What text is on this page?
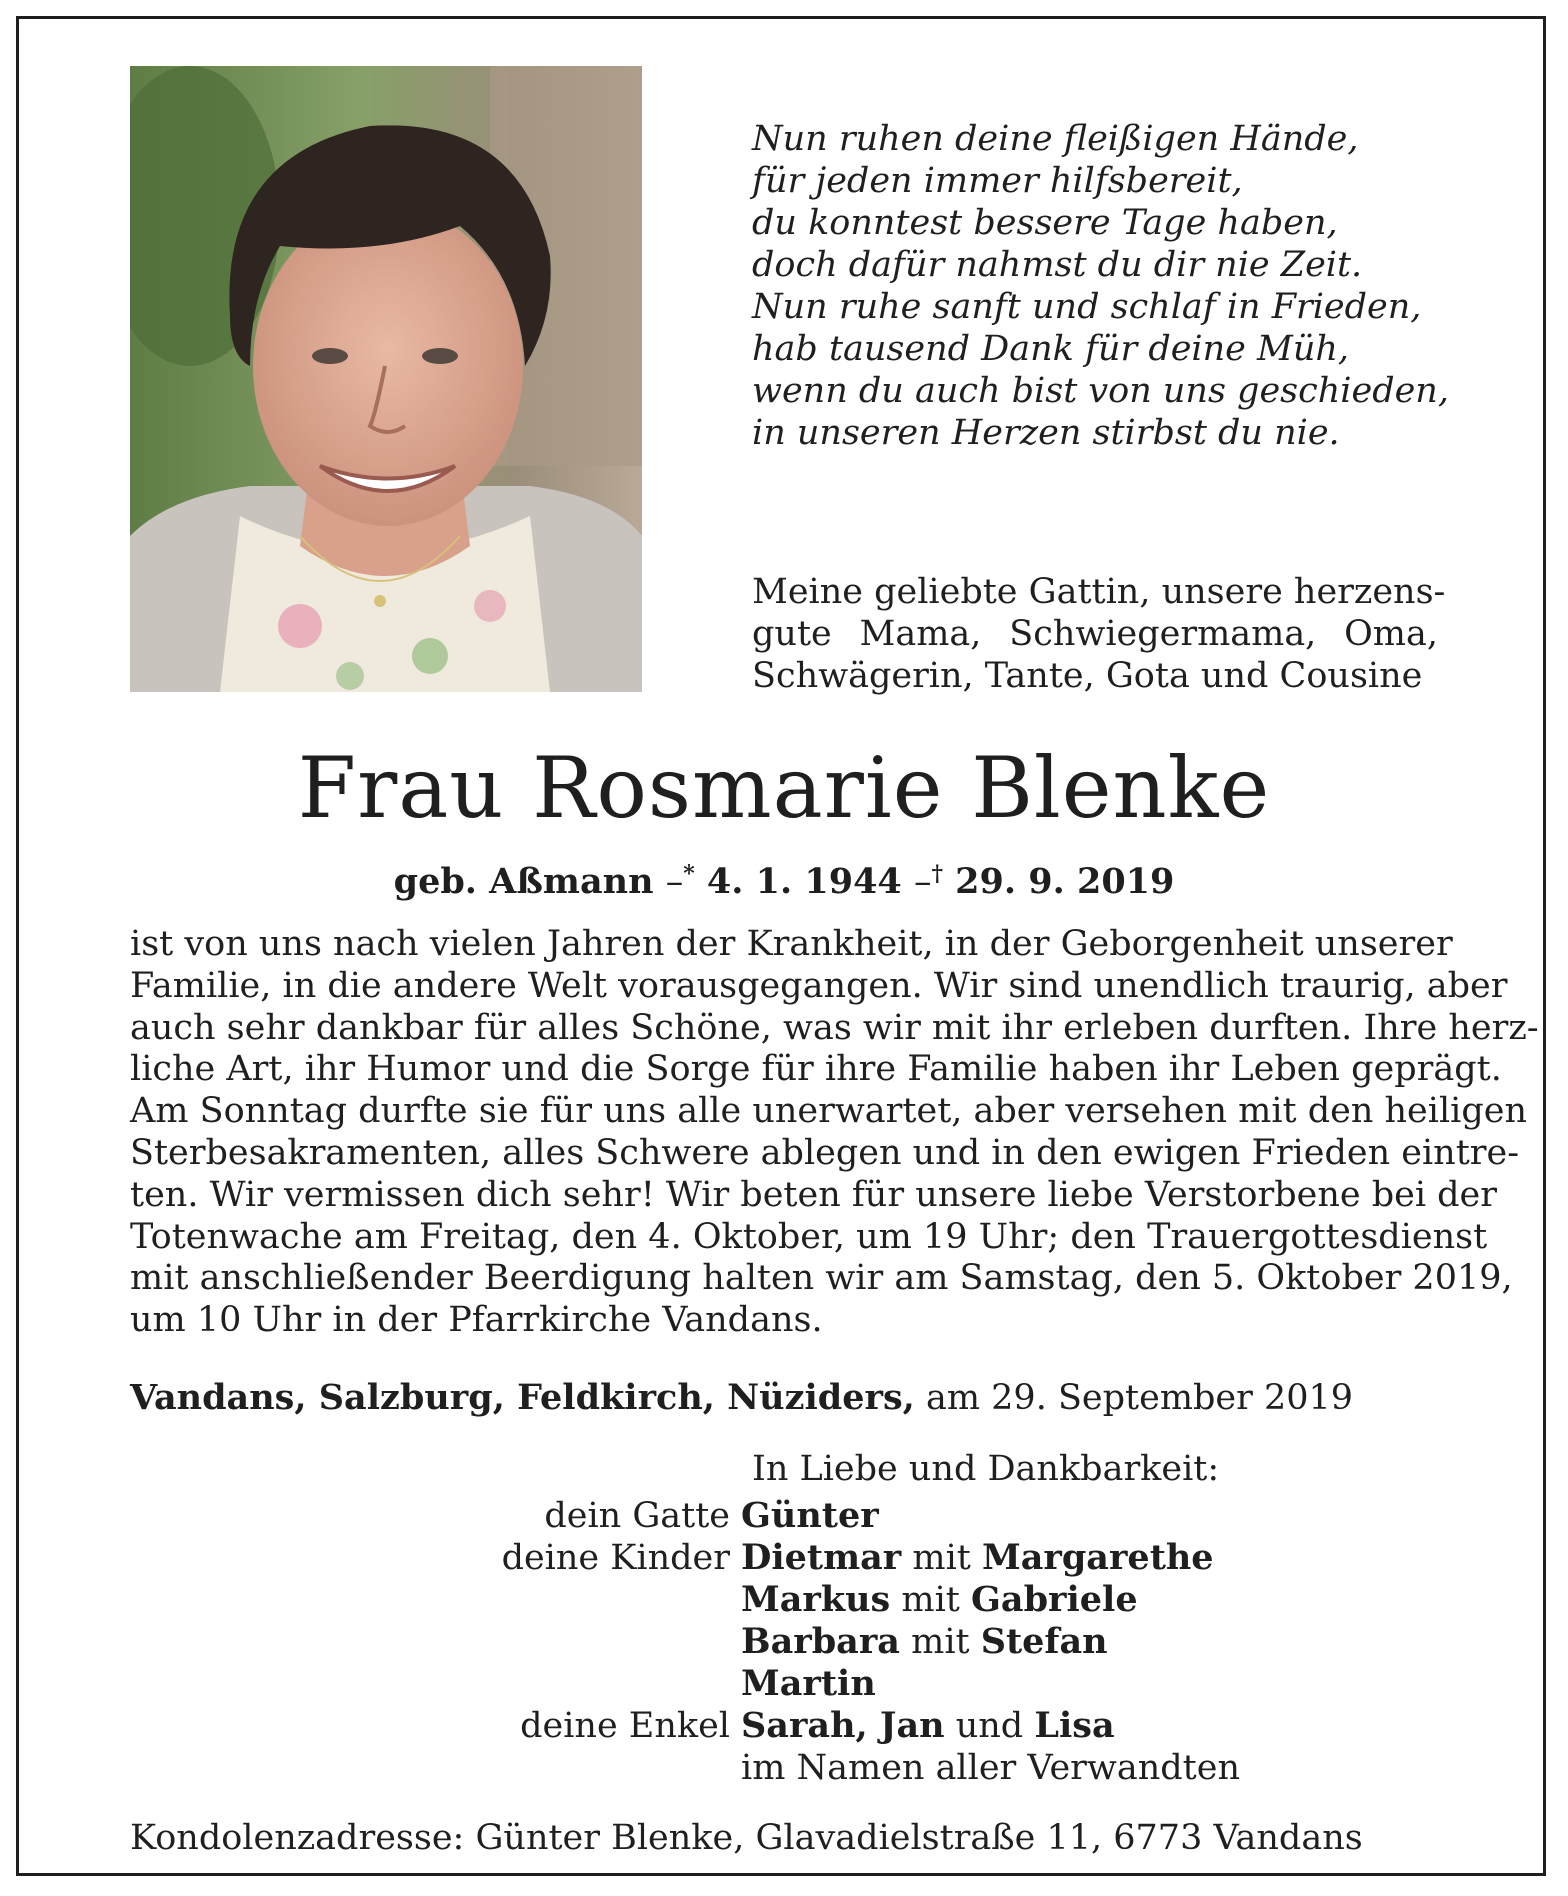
Nun ruhen deine fleißigen Hände,
für jeden immer hilfsbereit,
du konntest bessere Tage haben,
doch dafür nahmst du dir nie Zeit.
Nun ruhe sanft und schlaf in Frieden,
hab tausend Dank für deine Müh,
wenn du auch bist von uns geschieden,
in unseren Herzen stirbst du nie.
Meine geliebte Gattin, unsere herzens-
gute Mama, Schwiegermama, Oma,
Schwägerin, Tante, Gota und Cousine
Frau Rosmarie Blenke
geb. Aßmann –* 4. 1. 1944 –† 29. 9. 2019
ist von uns nach vielen Jahren der Krankheit, in der Geborgenheit unserer
Familie, in die andere Welt vorausgegangen. Wir sind unendlich traurig, aber
auch sehr dankbar für alles Schöne, was wir mit ihr erleben durften. Ihre herz-
liche Art, ihr Humor und die Sorge für ihre Familie haben ihr Leben geprägt.
Am Sonntag durfte sie für uns alle unerwartet, aber versehen mit den heiligen
Sterbesakramenten, alles Schwere ablegen und in den ewigen Frieden eintre-
ten. Wir vermissen dich sehr! Wir beten für unsere liebe Verstorbene bei der
Totenwache am Freitag, den 4. Oktober, um 19 Uhr; den Trauergottesdienst
mit anschließender Beerdigung halten wir am Samstag, den 5. Oktober 2019,
um 10 Uhr in der Pfarrkirche Vandans.
Vandans, Salzburg, Feldkirch, Nüziders, am 29. September 2019
In Liebe und Dankbarkeit:
dein Gatte Günter
deine Kinder Dietmar mit Margarethe
Markus mit Gabriele
Barbara mit Stefan
Martin
deine Enkel Sarah, Jan und Lisa
im Namen aller Verwandten
Kondolenzadresse: Günter Blenke, Glavadielstraße 11, 6773 Vandans
